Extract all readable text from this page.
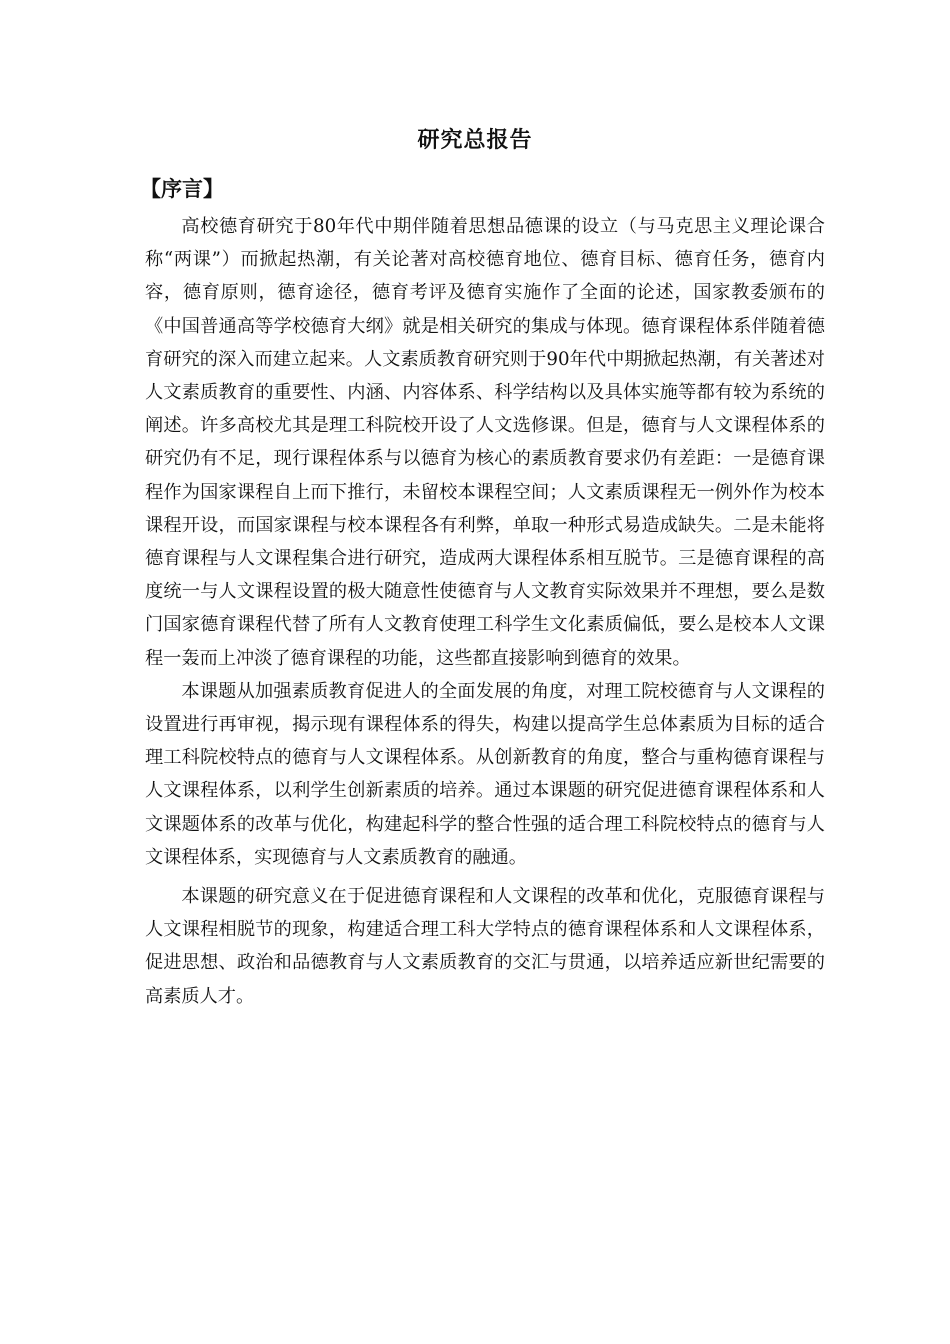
研究总报告
【序言】

高校德育研究于80年代中期伴随着思想品德课的设立（与马克思主义理论课合称“两课”）而掀起热潮，有关论著对高校德育地位、德育目标、德育任务，德育内容，德育原则，德育途径，德育考评及德育实施作了全面的论述，国家教委颁布的《中国普通高等学校德育大纲》就是相关研究的集成与体现。德育课程体系伴随着德育研究的深入而建立起来。人文素质教育研究则于90年代中期掀起热潮，有关著述对人文素质教育的重要性、内涵、内容体系、科学结构以及具体实施等都有较为系统的阐述。许多高校尤其是理工科院校开设了人文选修课。但是，德育与人文课程体系的研究仍有不足，现行课程体系与以德育为核心的素质教育要求仍有差距：一是德育课程作为国家课程自上而下推行，未留校本课程空间；人文素质课程无一例外作为校本课程开设，而国家课程与校本课程各有利弊，单取一种形式易造成缺失。二是未能将德育课程与人文课程集合进行研究，造成两大课程体系相互脱节。三是德育课程的高度统一与人文课程设置的极大随意性使德育与人文教育实际效果并不理想，要么是数门国家德育课程代替了所有人文教育使理工科学生文化素质偏低，要么是校本人文课程一轰而上冲淡了德育课程的功能，这些都直接影响到德育的效果。

本课题从加强素质教育促进人的全面发展的角度，对理工院校德育与人文课程的设置进行再审视，揭示现有课程体系的得失，构建以提高学生总体素质为目标的适合理工科院校特点的德育与人文课程体系。从创新教育的角度，整合与重构德育课程与人文课程体系，以利学生创新素质的培养。通过本课题的研究促进德育课程体系和人文课题体系的改革与优化，构建起科学的整合性强的适合理工科院校特点的德育与人文课程体系，实现德育与人文素质教育的融通。

本课题的研究意义在于促进德育课程和人文课程的改革和优化，克服德育课程与人文课程相脱节的现象，构建适合理工科大学特点的德育课程体系和人文课程体系，促进思想、政治和品德教育与人文素质教育的交汇与贯通，以培养适应新世纪需要的高素质人才。
